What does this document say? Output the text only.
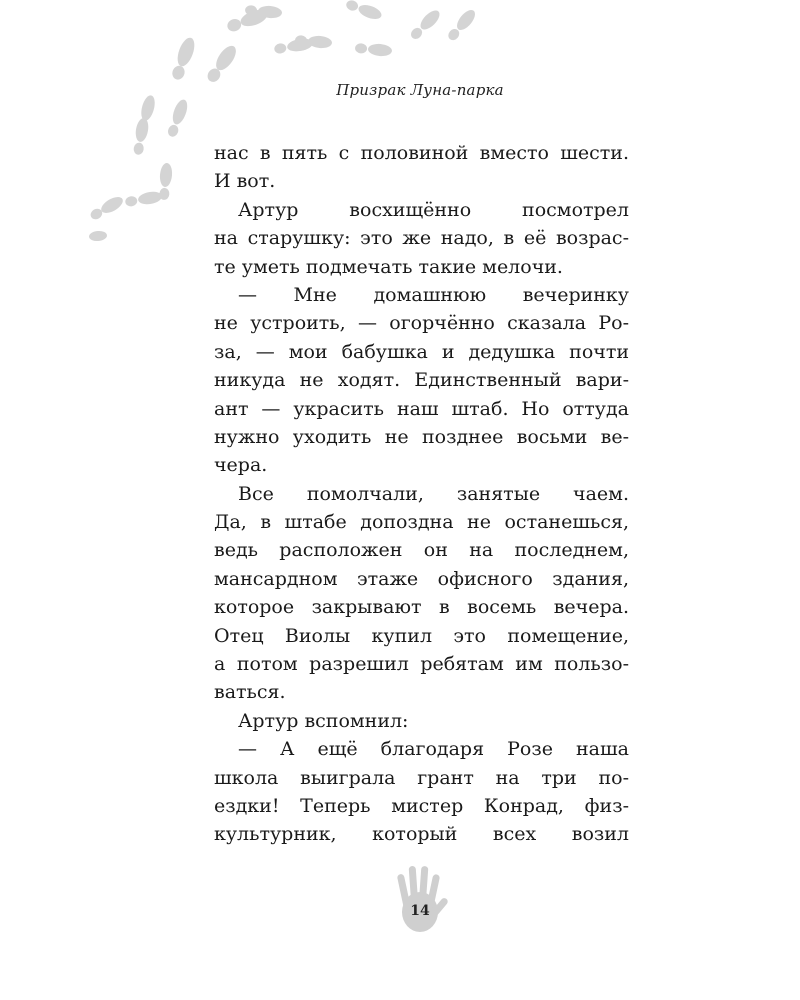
Призрак Луна-парка
нас в пять с половиной вместо шести.
И вот.
Артур восхищённо посмотрел
на старушку: это же надо, в её возрас-
те уметь подмечать такие мелочи.
— Мне домашнюю вечеринку
не устроить, — огорчённо сказала Ро-
за, — мои бабушка и дедушка почти
никуда не ходят. Единственный вари-
ант — украсить наш штаб. Но оттуда
нужно уходить не позднее восьми ве-
чера.
Все помолчали, занятые чаем.
Да, в штабе допоздна не останешься,
ведь расположен он на последнем,
мансардном этаже офисного здания,
которое закрывают в восемь вечера.
Отец Виолы купил это помещение,
а потом разрешил ребятам им пользо-
ваться.
Артур вспомнил:
— А ещё благодаря Розе наша
школа выиграла грант на три по-
ездки! Теперь мистер Конрад, физ-
культурник, который всех возил
14
